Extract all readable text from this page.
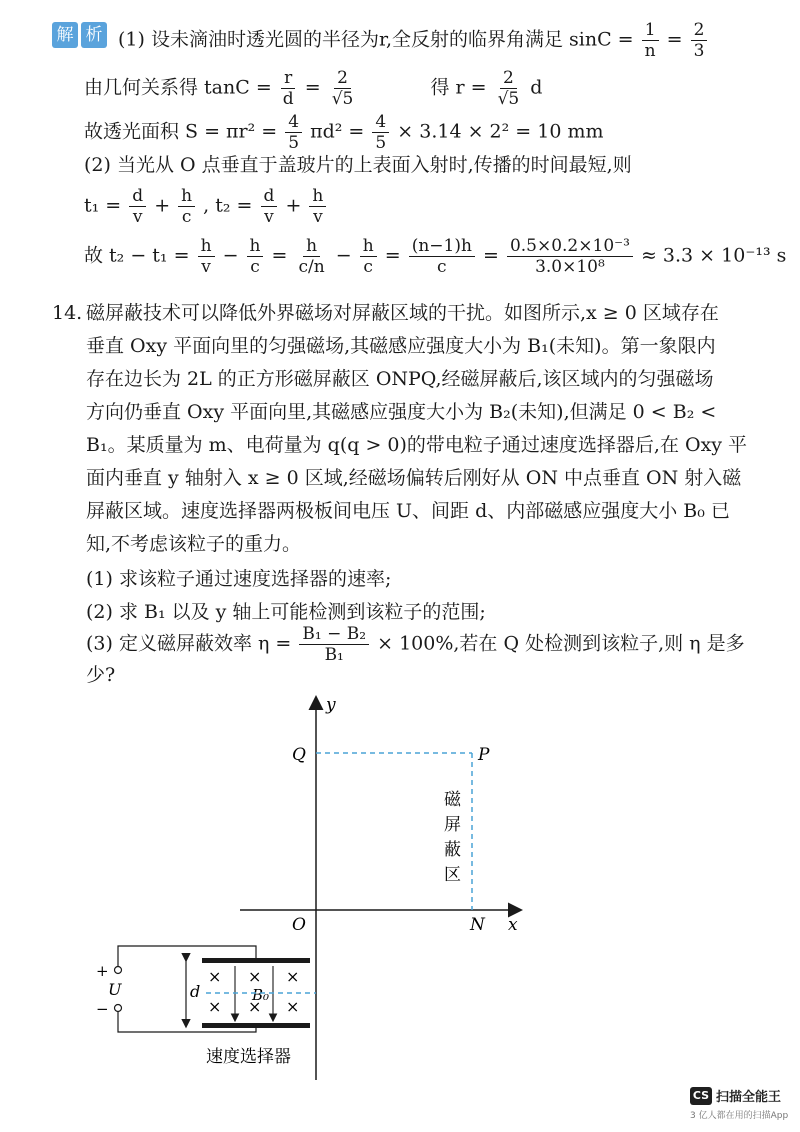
解 析 (1) 设未滴油时透光圆的半径为r,全反射的临界角满足 $\sin C = \frac{1}{n} = \frac{2}{3}$
由几何关系得 $\tan C = \frac{r}{d} = \frac{2}{√5}$	得 $r = \frac{2}{√5}$ d
故透光面积 $S = \pi r^2 = \frac{4}{5} \pi d^2 = \frac{4}{5} \times 3.14 \times 2^2 = 10$ mm
(2) 当光从 O 点垂直于盖玻片的上表面入射时,传播的时间最短,则
$t_1 = \frac{d}{v} + \frac{h}{c}$ , $t_2 = \frac{d}{v} + \frac{h}{v}$
故 $t_2 - t_1 = \frac{h}{v} - \frac{h}{c} = \frac{h}{c/n} - \frac{h}{c} = \frac{(n-1)h}{c} = \frac{\text{0.5×0.2×10⁻³}}{\text{3.0×10⁸}} \approx 3.3 \times 10^{-13}$ s
14. 磁屏蔽技术可以降低外界磁场对屏蔽区域的干扰。如图所示,x ≥ 0 区域存在
垂直 Oxy 平面向里的匀强磁场,其磁感应强度大小为 B₁(未知)。第一象限内
存在边长为 2L 的正方形磁屏蔽区 ONPQ,经磁屏蔽后,该区域内的匀强磁场
方向仍垂直 Oxy 平面向里,其磁感应强度大小为 B₂(未知),但满足 0 < B₂ <
B₁。某质量为 m、电荷量为 q(q > 0)的带电粒子通过速度选择器后,在 Oxy 平
面内垂直 y 轴射入 x ≥ 0 区域,经磁场偏转后刚好从 ON 中点垂直 ON 射入磁
屏蔽区域。速度选择器两极板间电压 U、间距 d、内部磁感应强度大小 B₀ 已
知,不考虑该粒子的重力。
(1) 求该粒子通过速度选择器的速率;
(2) 求 B₁ 以及 y 轴上可能检测到该粒子的范围;
(3) 定义磁屏蔽效率 $\eta = \frac{\text{B₁ − B₂}}{\text{B₁}} \times 100\%$,若在 Q 处检测到该粒子,则 η 是多
少?
y
x
O
Q	P
N
磁
屏
蔽
区
+
−
U	d
× × ×
× × ×
B₀
速度选择器
CS 扫描全能王
3 亿人都在用的扫描App
